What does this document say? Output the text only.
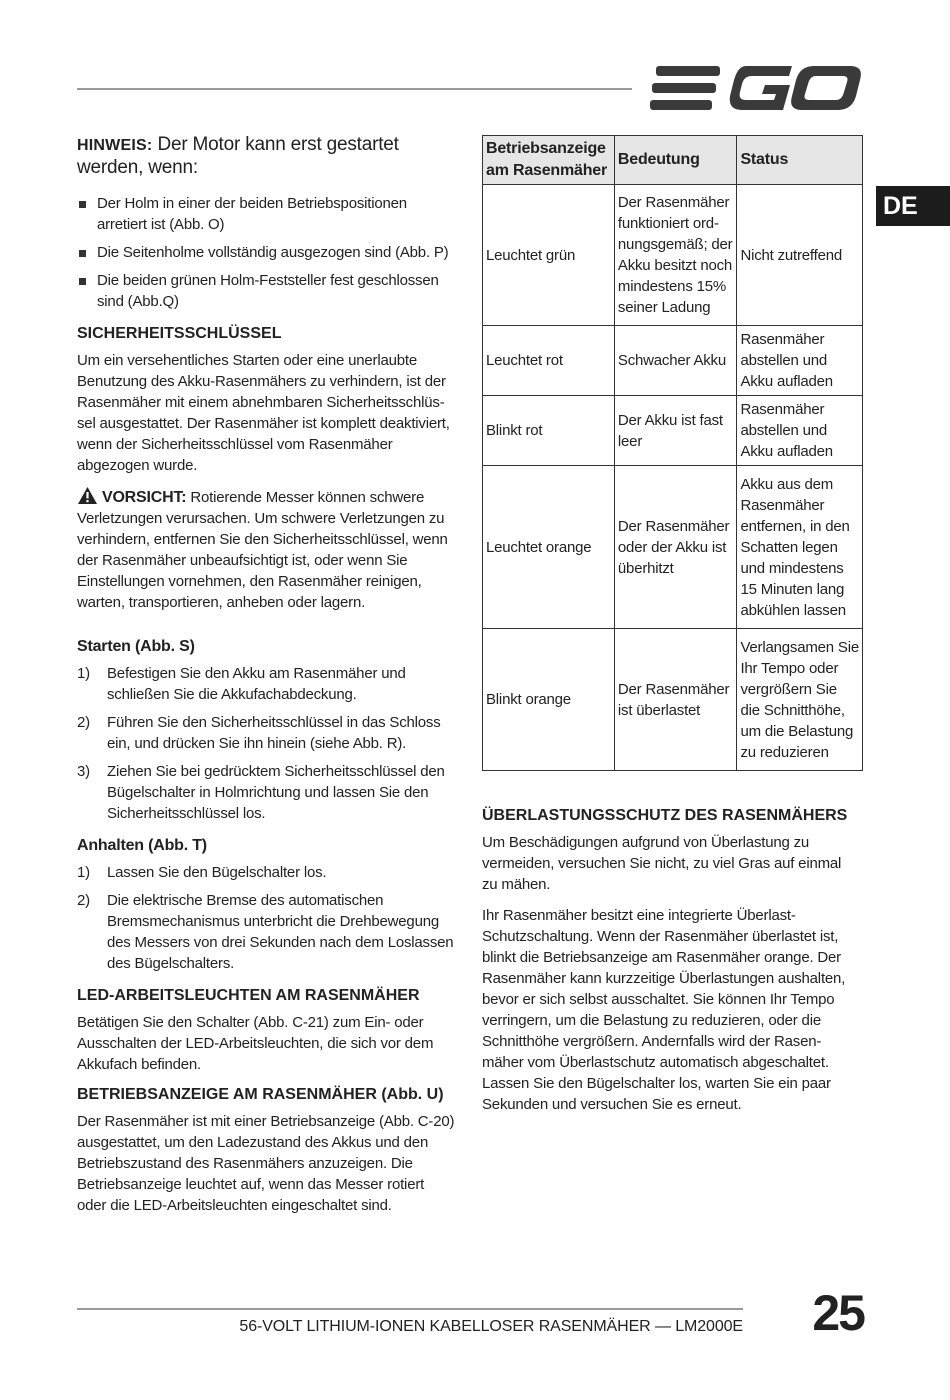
DE
HINWEIS: Der Motor kann erst gestartet werden, wenn:
Der Holm in einer der beiden Betriebspositionen arretiert ist (Abb. O)
Die Seitenholme vollständig ausgezogen sind (Abb. P)
Die beiden grünen Holm-Feststeller fest geschlossen sind (Abb.Q)
SICHERHEITSSCHLÜSSEL

Um ein versehentliches Starten oder eine unerlaubte Benutzung des Akku-Rasenmähers zu verhindern, ist der Rasenmäher mit einem abnehmbaren Sicherheitsschlüssel ausgestattet. Der Rasenmäher ist komplett deaktiviert, wenn der Sicherheitsschlüssel vom Rasenmäher abgezogen wurde.

VORSICHT: Rotierende Messer können schwere Verletzungen verursachen. Um schwere Verletzungen zu verhindern, entfernen Sie den Sicherheitsschlüssel, wenn der Rasenmäher unbeaufsichtigt ist, oder wenn Sie Einstellungen vornehmen, den Rasenmäher reinigen, warten, transportieren, anheben oder lagern.
Starten (Abb. S)
1) Befestigen Sie den Akku am Rasenmäher und schließen Sie die Akkufachabdeckung.
2) Führen Sie den Sicherheitsschlüssel in das Schloss ein, und drücken Sie ihn hinein (siehe Abb. R).
3) Ziehen Sie bei gedrücktem Sicherheitsschlüssel den Bügelschalter in Holmrichtung und lassen Sie den Sicherheitsschlüssel los.
Anhalten (Abb. T)
1) Lassen Sie den Bügelschalter los.
2) Die elektrische Bremse des automatischen Bremsmechanismus unterbricht die Drehbewegung des Messers von drei Sekunden nach dem Loslassen des Bügelschalters.
LED-ARBEITSLEUCHTEN AM RASENMÄHER

Betätigen Sie den Schalter (Abb. C-21) zum Ein- oder Ausschalten der LED-Arbeitsleuchten, die sich vor dem Akkufach befinden.

BETRIEBSANZEIGE AM RASENMÄHER (Abb. U)

Der Rasenmäher ist mit einer Betriebsanzeige (Abb. C-20) ausgestattet, um den Ladezustand des Akkus und den Betriebszustand des Rasenmähers anzuzeigen. Die Betriebsanzeige leuchtet auf, wenn das Messer rotiert oder die LED-Arbeitsleuchten eingeschaltet sind.

Betriebsanzeige am Rasenmäher	Bedeutung	Status
Leuchtet grün	Der Rasenmäher funktioniert ordnungsgemäß; der Akku besitzt noch mindestens 15% seiner Ladung	Nicht zutreffend
Leuchtet rot	Schwacher Akku	Rasenmäher abstellen und Akku aufladen
Blinkt rot	Der Akku ist fast leer	Rasenmäher abstellen und Akku aufladen
Leuchtet orange	Der Rasenmäher oder der Akku ist überhitzt	Akku aus dem Rasenmäher entfernen, in den Schatten legen und mindestens 15 Minuten lang abkühlen lassen
Blinkt orange	Der Rasenmäher ist überlastet	Verlangsamen Sie Ihr Tempo oder vergrößern Sie die Schnitthöhe, um die Belastung zu reduzieren
ÜBERLASTUNGSSCHUTZ DES RASENMÄHERS

Um Beschädigungen aufgrund von Überlastung zu vermeiden, versuchen Sie nicht, zu viel Gras auf einmal zu mähen.

Ihr Rasenmäher besitzt eine integrierte Überlast-Schutzschaltung. Wenn der Rasenmäher überlastet ist, blinkt die Betriebsanzeige am Rasenmäher orange. Der Rasenmäher kann kurzzeitige Überlastungen aushalten, bevor er sich selbst ausschaltet. Sie können Ihr Tempo verringern, um die Belastung zu reduzieren, oder die Schnitthöhe vergrößern. Andernfalls wird der Rasenmäher vom Überlastschutz automatisch abgeschaltet. Lassen Sie den Bügelschalter los, warten Sie ein paar Sekunden und versuchen Sie es erneut.

56-VOLT LITHIUM-IONEN KABELLOSER RASENMÄHER — LM2000E 25
